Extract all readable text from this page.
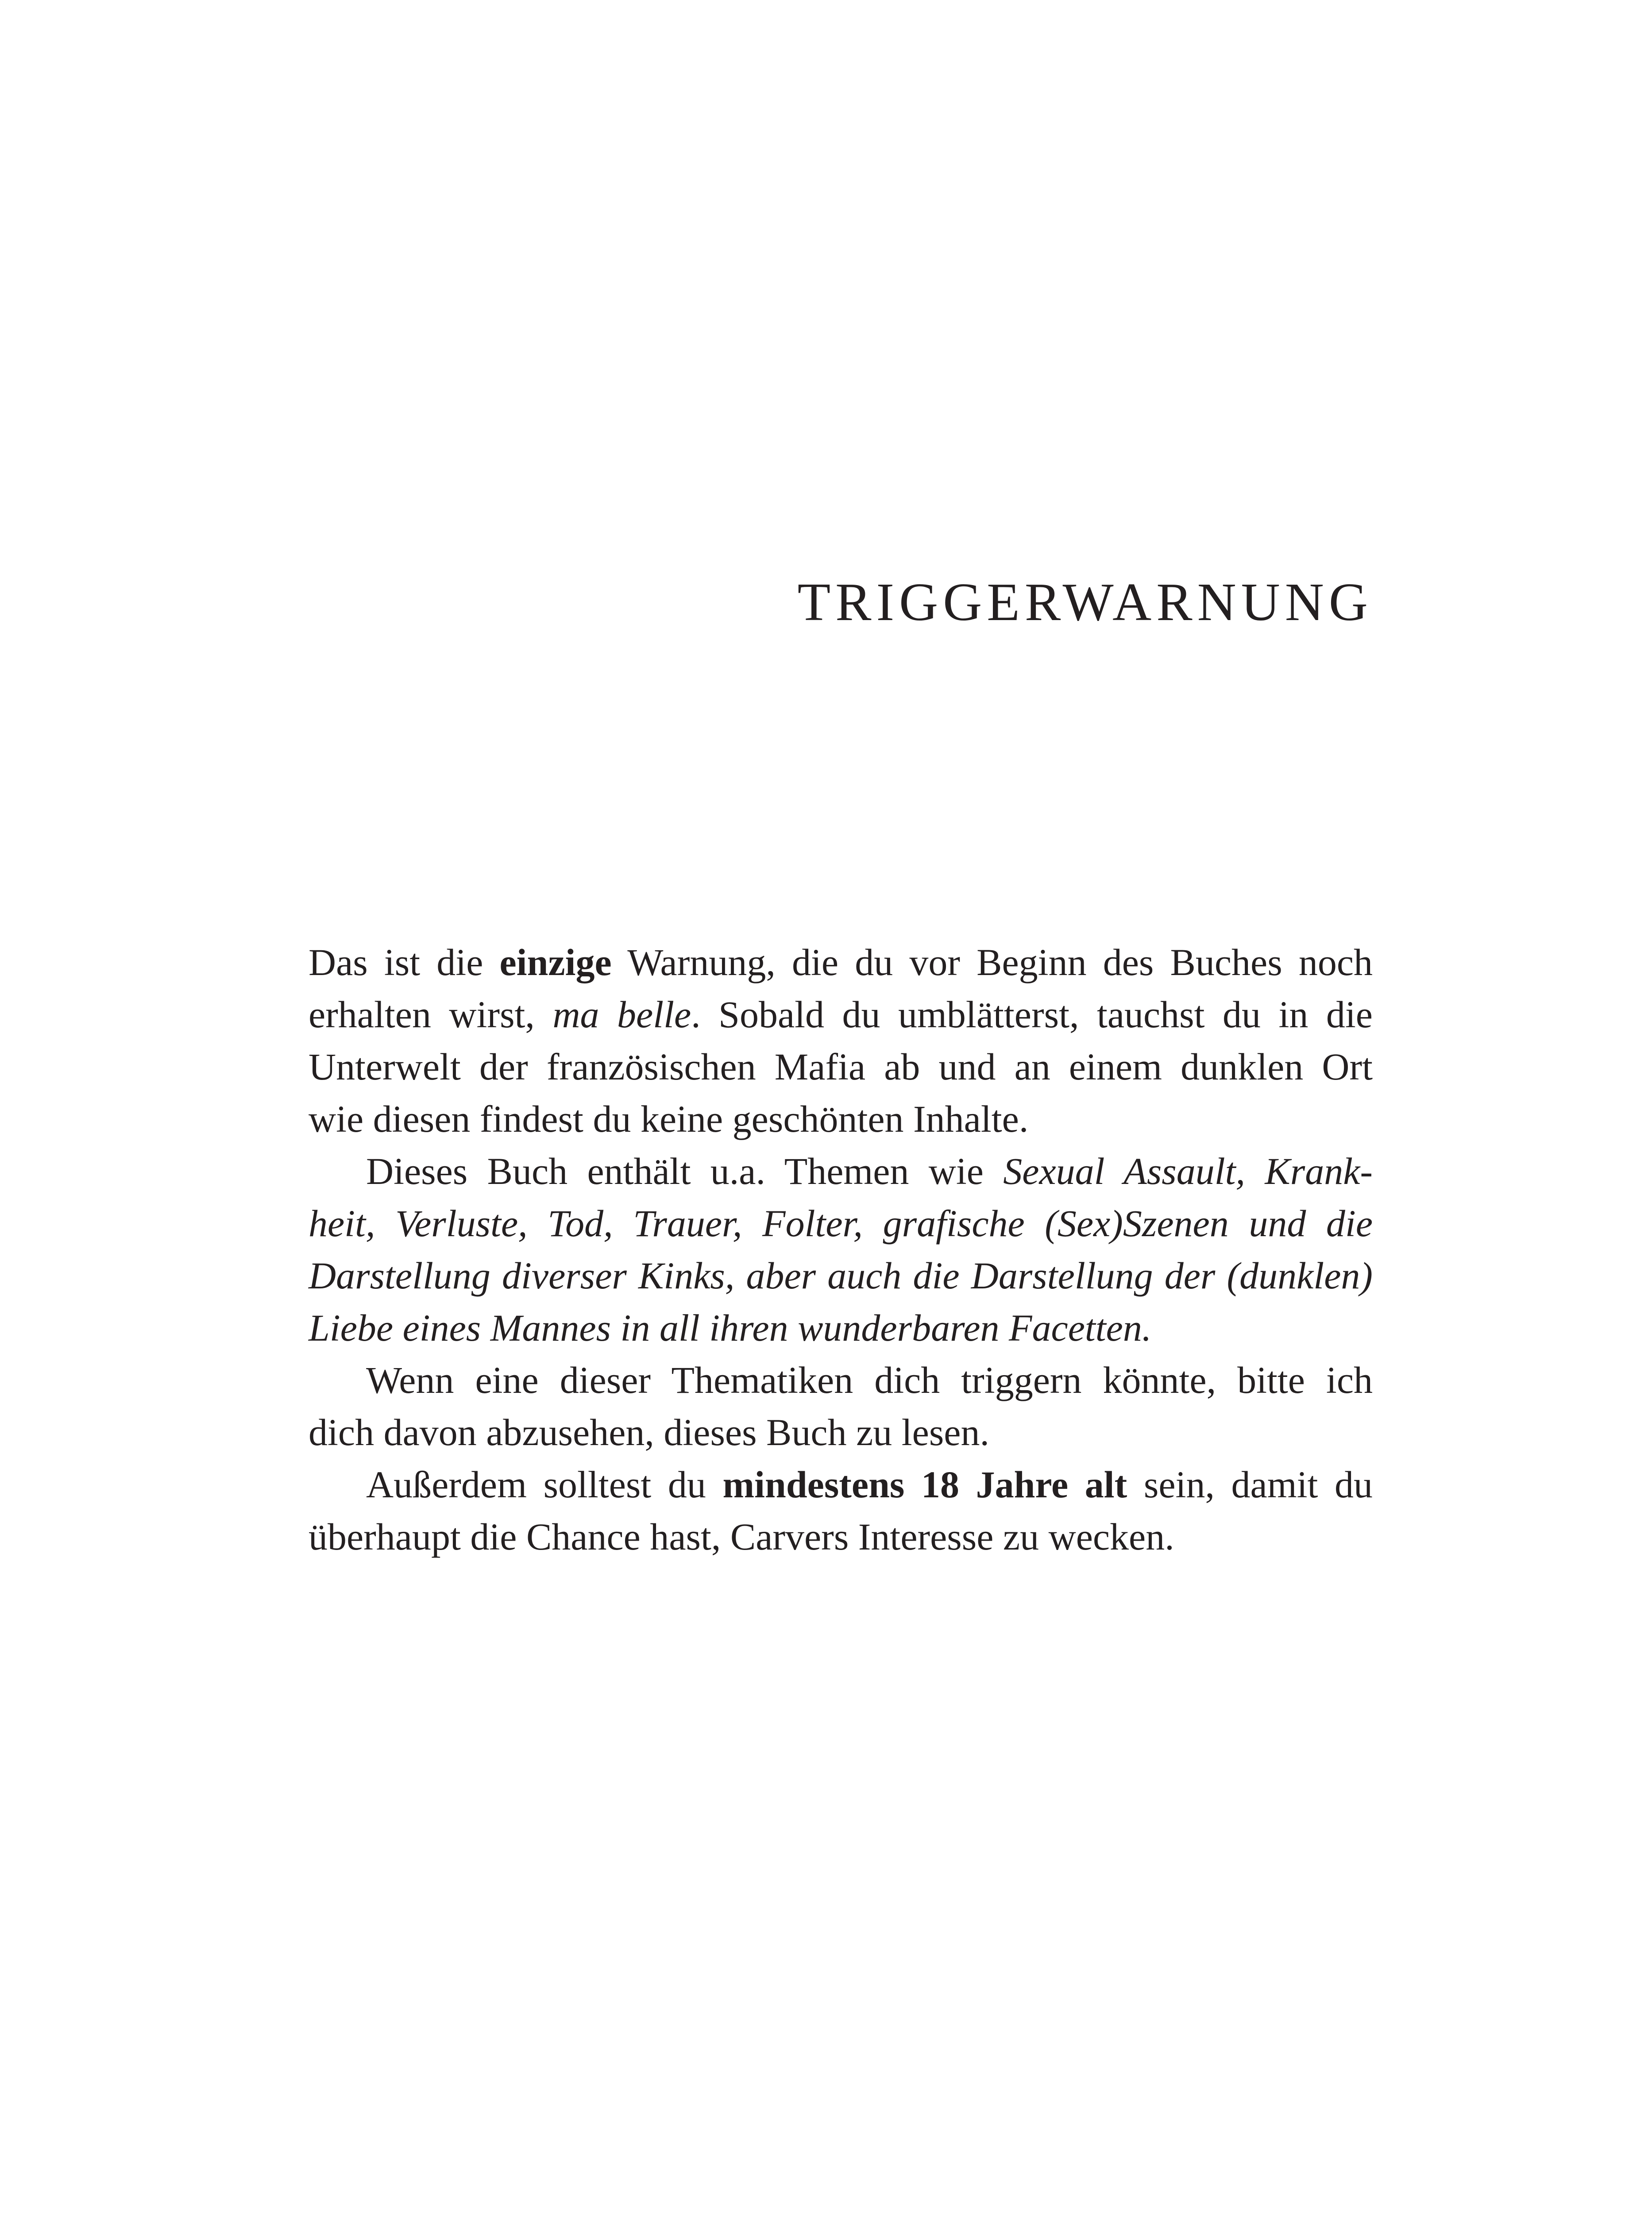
TRIGGERWARNUNG
Das ist die einzige Warnung, die du vor Beginn des Buches noch
erhalten wirst, ma belle. Sobald du umblätterst, tauchst du in die
Unterwelt der französischen Mafia ab und an einem dunklen Ort
wie diesen findest du keine geschönten Inhalte.
Dieses Buch enthält u.a. Themen wie Sexual Assault, Krank-
heit, Verluste, Tod, Trauer, Folter, grafische (Sex)Szenen und die
Darstellung diverser Kinks, aber auch die Darstellung der (dunklen)
Liebe eines Mannes in all ihren wunderbaren Facetten.
Wenn eine dieser Thematiken dich triggern könnte, bitte ich
dich davon abzusehen, dieses Buch zu lesen.
Außerdem solltest du mindestens 18 Jahre alt sein, damit du
überhaupt die Chance hast, Carvers Interesse zu wecken.
